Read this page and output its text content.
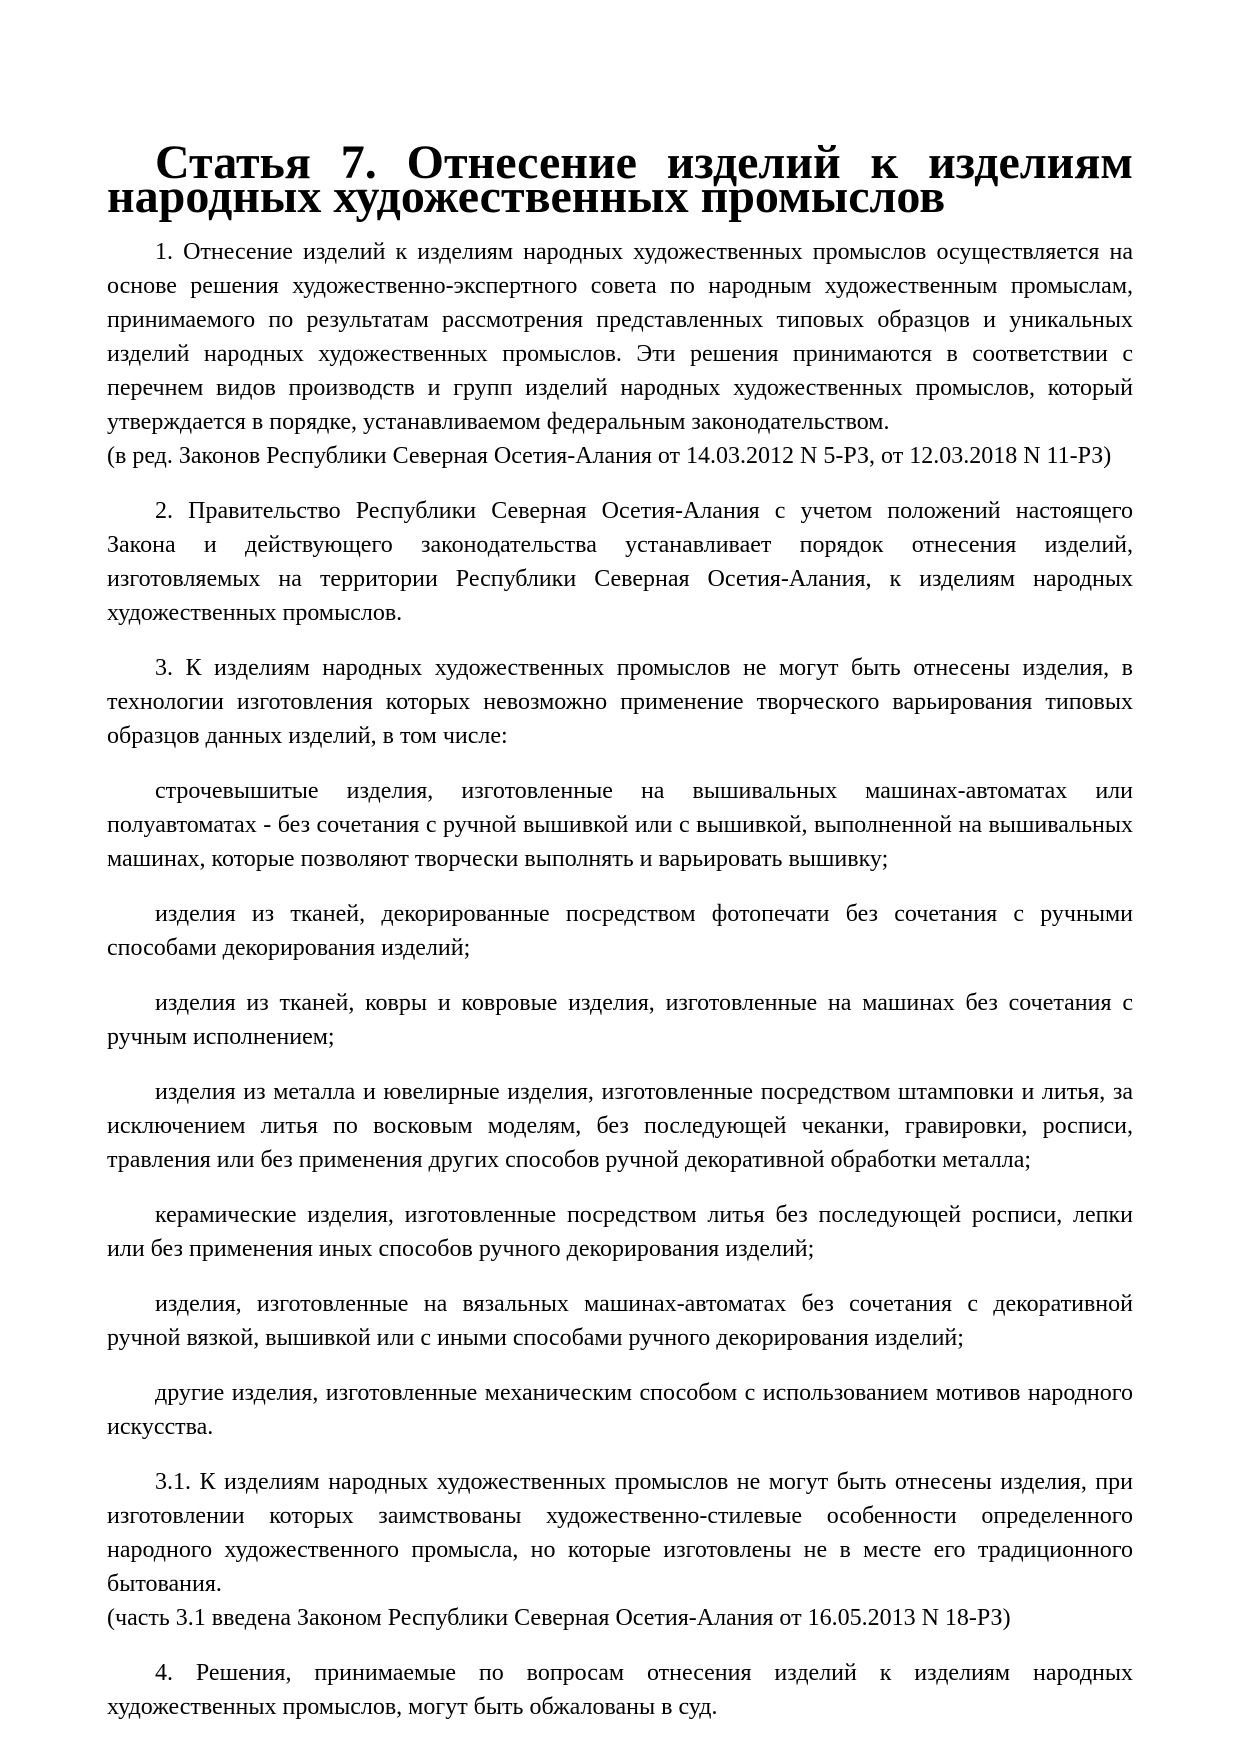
Статья 7. Отнесение изделий к изделиям народных художественных промыслов

1. Отнесение изделий к изделиям народных художественных промыслов осуществляется на основе решения художественно-экспертного совета по народным художественным промыслам, принимаемого по результатам рассмотрения представленных типовых образцов и уникальных изделий народных художественных промыслов. Эти решения принимаются в соответствии с перечнем видов производств и групп изделий народных художественных промыслов, который утверждается в порядке, устанавливаемом федеральным законодательством.

(в ред. Законов Республики Северная Осетия-Алания от 14.03.2012 N 5-РЗ, от 12.03.2018 N 11-РЗ)

2. Правительство Республики Северная Осетия-Алания с учетом положений настоящего Закона и действующего законодательства устанавливает порядок отнесения изделий, изготовляемых на территории Республики Северная Осетия-Алания, к изделиям народных художественных промыслов.

3. К изделиям народных художественных промыслов не могут быть отнесены изделия, в технологии изготовления которых невозможно применение творческого варьирования типовых образцов данных изделий, в том числе:

строчевышитые изделия, изготовленные на вышивальных машинах-автоматах или полуавтоматах - без сочетания с ручной вышивкой или с вышивкой, выполненной на вышивальных машинах, которые позволяют творчески выполнять и варьировать вышивку;

изделия из тканей, декорированные посредством фотопечати без сочетания с ручными способами декорирования изделий;

изделия из тканей, ковры и ковровые изделия, изготовленные на машинах без сочетания с ручным исполнением;

изделия из металла и ювелирные изделия, изготовленные посредством штамповки и литья, за исключением литья по восковым моделям, без последующей чеканки, гравировки, росписи, травления или без применения других способов ручной декоративной обработки металла;

керамические изделия, изготовленные посредством литья без последующей росписи, лепки или без применения иных способов ручного декорирования изделий;

изделия, изготовленные на вязальных машинах-автоматах без сочетания с декоративной ручной вязкой, вышивкой или с иными способами ручного декорирования изделий;

другие изделия, изготовленные механическим способом с использованием мотивов народного искусства.

3.1. К изделиям народных художественных промыслов не могут быть отнесены изделия, при изготовлении которых заимствованы художественно-стилевые особенности определенного народного художественного промысла, но которые изготовлены не в месте его традиционного бытования.

(часть 3.1 введена Законом Республики Северная Осетия-Алания от 16.05.2013 N 18-РЗ)

4. Решения, принимаемые по вопросам отнесения изделий к изделиям народных художественных промыслов, могут быть обжалованы в суд.
